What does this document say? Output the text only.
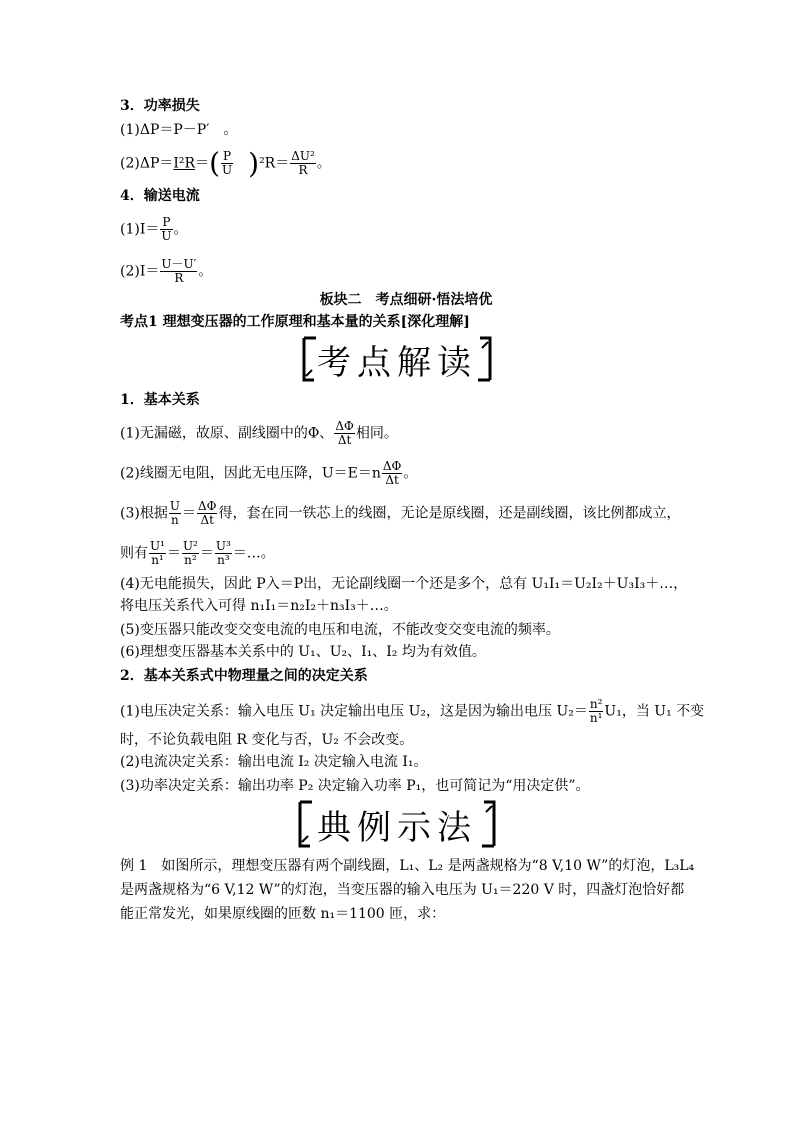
3．功率损失
(1)ΔP＝P－P′　。
$(2)\Delta P=I^2R=( \frac{P}{U} )^2R= \frac{\text{ΔU²}}{R}$ 。
4．输送电流
$(1)I= \frac{P}{U}$ 。
$(2)I= \frac{U-U'}{R}$ 。
板块二　考点细研·悟法培优
考点1 理想变压器的工作原理和基本量的关系[深化理解]
考点解读
1．基本关系
(1)无漏磁，故原、副线圈中的Φ、 $\frac{\Delta\Phi}{\Delta t}$ 相同。
(2)线圈无电阻，因此无电压降，$U=E=n \frac{\Delta\Phi}{\Delta t}$ 。
(3)根据 $\frac{U}{n} = \frac{\Delta\Phi}{\Delta t}$ 得，套在同一铁芯上的线圈，无论是原线圈，还是副线圈，该比例都成立，
则有 $\frac{\text{U¹}}{\text{n¹}} = \frac{\text{U²}}{\text{n²}} = \frac{\text{U³}}{\text{n³}}$ ＝…。
(4)无电能损失，因此 P入＝P出，无论副线圈一个还是多个，总有 U₁I₁＝U₂I₂＋U₃I₃＋…，
将电压关系代入可得 n₁I₁＝n₂I₂＋n₃I₃＋…。
(5)变压器只能改变交变电流的电压和电流，不能改变交变电流的频率。
(6)理想变压器基本关系中的 U₁、U₂、I₁、I₂ 均为有效值。
2．基本关系式中物理量之间的决定关系
(1)电压决定关系：输入电压 U₁ 决定输出电压 U₂，这是因为输出电压 $U_2= \frac{\text{n²}}{\text{n¹}} U_1$，当 U₁ 不变
时，不论负载电阻 R 变化与否，U₂ 不会改变。
(2)电流决定关系：输出电流 I₂ 决定输入电流 I₁。
(3)功率决定关系：输出功率 P₂ 决定输入功率 P₁，也可简记为“用决定供”。
典例示法
例 1　如图所示，理想变压器有两个副线圈，L₁、L₂ 是两盏规格为“8 V,10 W”的灯泡，L₃L₄
是两盏规格为“6 V,12 W”的灯泡，当变压器的输入电压为 U₁＝220 V 时，四盏灯泡恰好都
能正常发光，如果原线圈的匝数 n₁＝1100 匝，求：
